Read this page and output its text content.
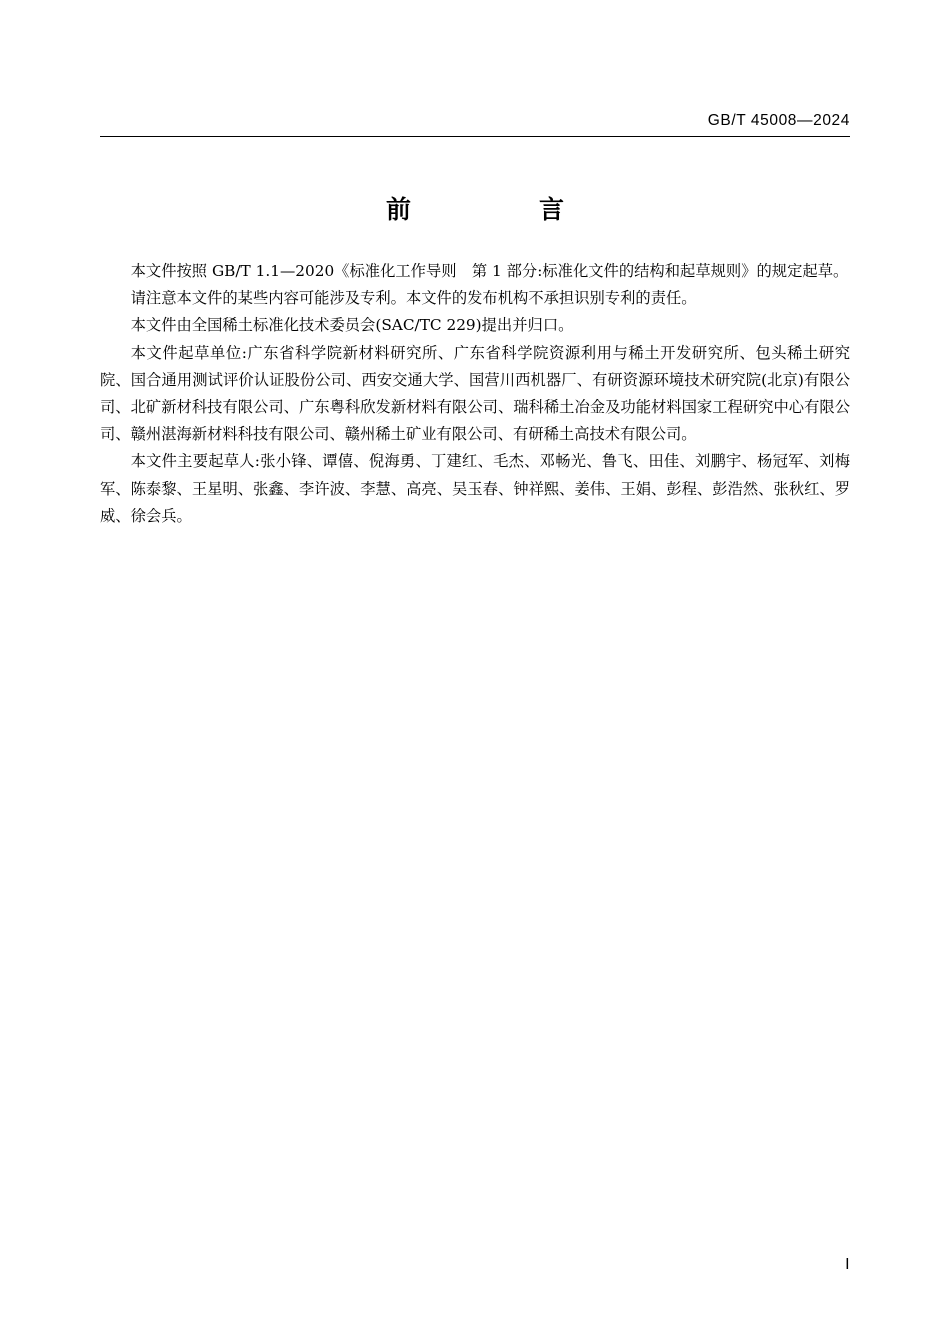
GB/T 45008—2024
前　　言

本文件按照 GB/T 1.1—2020《标准化工作导则　第 1 部分:标准化文件的结构和起草规则》的规定起草。

请注意本文件的某些内容可能涉及专利。本文件的发布机构不承担识别专利的责任。

本文件由全国稀土标准化技术委员会(SAC/TC 229)提出并归口。

本文件起草单位:广东省科学院新材料研究所、广东省科学院资源利用与稀土开发研究所、包头稀土研究院、国合通用测试评价认证股份公司、西安交通大学、国营川西机器厂、有研资源环境技术研究院(北京)有限公司、北矿新材科技有限公司、广东粤科欣发新材料有限公司、瑞科稀土冶金及功能材料国家工程研究中心有限公司、赣州湛海新材料科技有限公司、赣州稀土矿业有限公司、有研稀土高技术有限公司。

本文件主要起草人:张小锋、谭僖、倪海勇、丁建红、毛杰、邓畅光、鲁飞、田佳、刘鹏宇、杨冠军、刘梅军、陈泰黎、王星明、张鑫、李许波、李慧、高亮、吴玉春、钟祥熙、姜伟、王娟、彭程、彭浩然、张秋红、罗威、徐会兵。

Ⅰ
